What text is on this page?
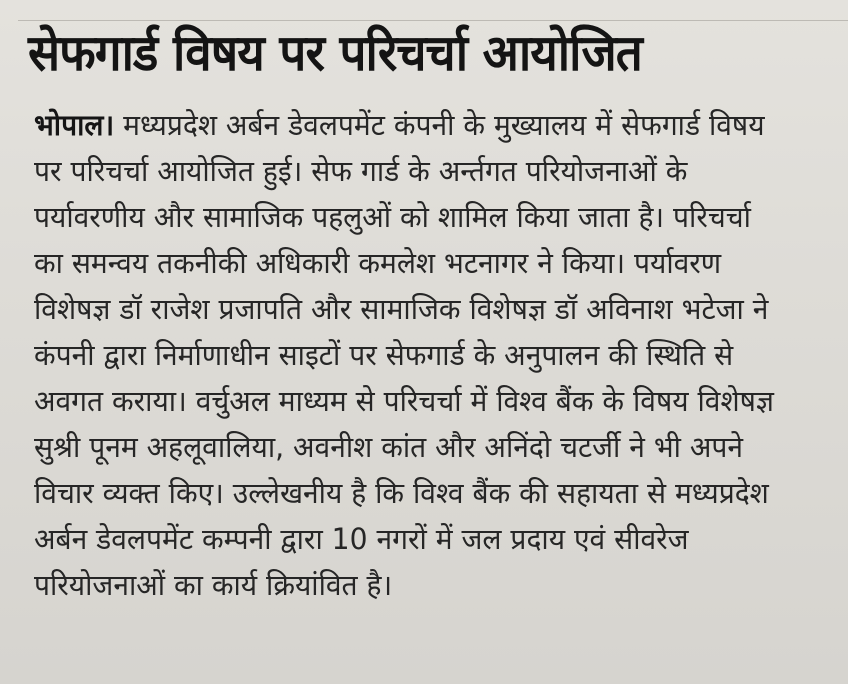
सेफगार्ड विषय पर परिचर्चा आयोजित
भोपाल। मध्यप्रदेश अर्बन डेवलपमेंट कंपनी के मुख्यालय में सेफगार्ड विषय
पर परिचर्चा आयोजित हुई। सेफ गार्ड के अर्न्तगत परियोजनाओं के
पर्यावरणीय और सामाजिक पहलुओं को शामिल किया जाता है। परिचर्चा
का समन्वय तकनीकी अधिकारी कमलेश भटनागर ने किया। पर्यावरण
विशेषज्ञ डॉ राजेश प्रजापति और सामाजिक विशेषज्ञ डॉ अविनाश भटेजा ने
कंपनी द्वारा निर्माणाधीन साइटों पर सेफगार्ड के अनुपालन की स्थिति से
अवगत कराया। वर्चुअल माध्यम से परिचर्चा में विश्व बैंक के विषय विशेषज्ञ
सुश्री पूनम अहलूवालिया, अवनीश कांत और अनिंदो चटर्जी ने भी अपने
विचार व्यक्त किए। उल्लेखनीय है कि विश्व बैंक की सहायता से मध्यप्रदेश
अर्बन डेवलपमेंट कम्पनी द्वारा 10 नगरों में जल प्रदाय एवं सीवरेज
परियोजनाओं का कार्य क्रियांवित है।
